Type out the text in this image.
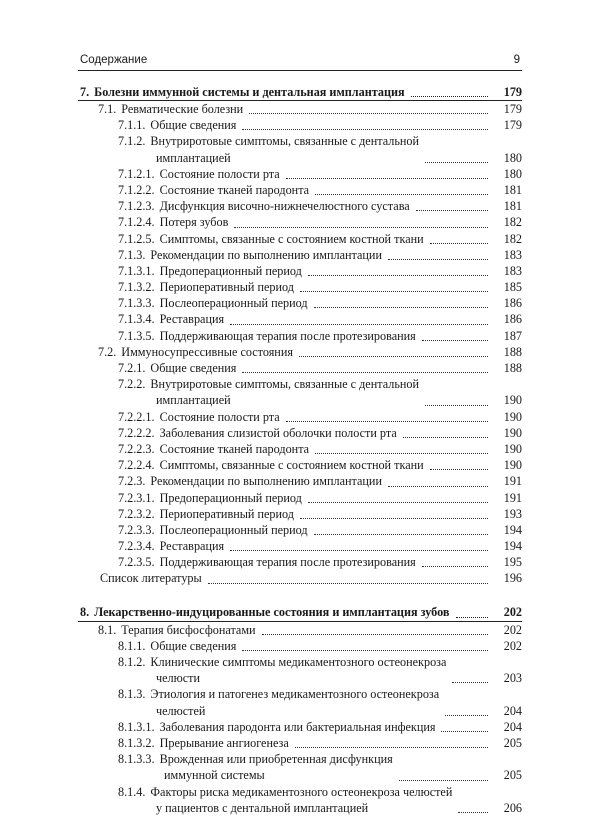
Содержание	9
7. Болезни иммунной системы и дентальная имплантация	179
7.1. Ревматические болезни	179
7.1.1. Общие сведения	179
7.1.2. Внутриротовые симптомы, связанные с дентальной
имплантацией	180
7.1.2.1. Состояние полости рта	180
7.1.2.2. Состояние тканей пародонта	181
7.1.2.3. Дисфункция височно-нижнечелюстного сустава	181
7.1.2.4. Потеря зубов	182
7.1.2.5. Симптомы, связанные с состоянием костной ткани	182
7.1.3. Рекомендации по выполнению имплантации	183
7.1.3.1. Предоперационный период	183
7.1.3.2. Периоперативный период	185
7.1.3.3. Послеоперационный период	186
7.1.3.4. Реставрация	186
7.1.3.5. Поддерживающая терапия после протезирования	187
7.2. Иммуносупрессивные состояния	188
7.2.1. Общие сведения	188
7.2.2. Внутриротовые симптомы, связанные с дентальной
имплантацией	190
7.2.2.1. Состояние полости рта	190
7.2.2.2. Заболевания слизистой оболочки полости рта	190
7.2.2.3. Состояние тканей пародонта	190
7.2.2.4. Симптомы, связанные с состоянием костной ткани	190
7.2.3. Рекомендации по выполнению имплантации	191
7.2.3.1. Предоперационный период	191
7.2.3.2. Периоперативный период	193
7.2.3.3. Послеоперационный период	194
7.2.3.4. Реставрация	194
7.2.3.5. Поддерживающая терапия после протезирования	195
Список литературы	196
8. Лекарственно-индуцированные состояния и имплантация зубов	202
8.1. Терапия бисфосфонатами	202
8.1.1. Общие сведения	202
8.1.2. Клинические симптомы медикаментозного остеонекроза
челюсти	203
8.1.3. Этиология и патогенез медикаментозного остеонекроза
челюстей	204
8.1.3.1. Заболевания пародонта или бактериальная инфекция	204
8.1.3.2. Прерывание ангиогенеза	205
8.1.3.3. Врожденная или приобретенная дисфункция
иммунной системы	205
8.1.4. Факторы риска медикаментозного остеонекроза челюстей
у пациентов с дентальной имплантацией	206
